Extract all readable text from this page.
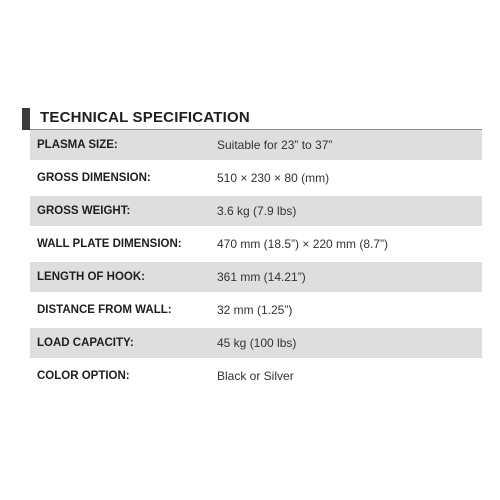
TECHNICAL SPECIFICATION
PLASMA SIZE:	Suitable for 23” to 37”
GROSS DIMENSION:	510 × 230 × 80 (mm)
GROSS WEIGHT:	3.6 kg (7.9 lbs)
WALL PLATE DIMENSION:	470 mm (18.5”) × 220 mm (8.7”)
LENGTH OF HOOK:	361 mm (14.21”)
DISTANCE FROM WALL:	32 mm (1.25”)
LOAD CAPACITY:	45 kg (100 lbs)
COLOR OPTION:	Black or Silver
